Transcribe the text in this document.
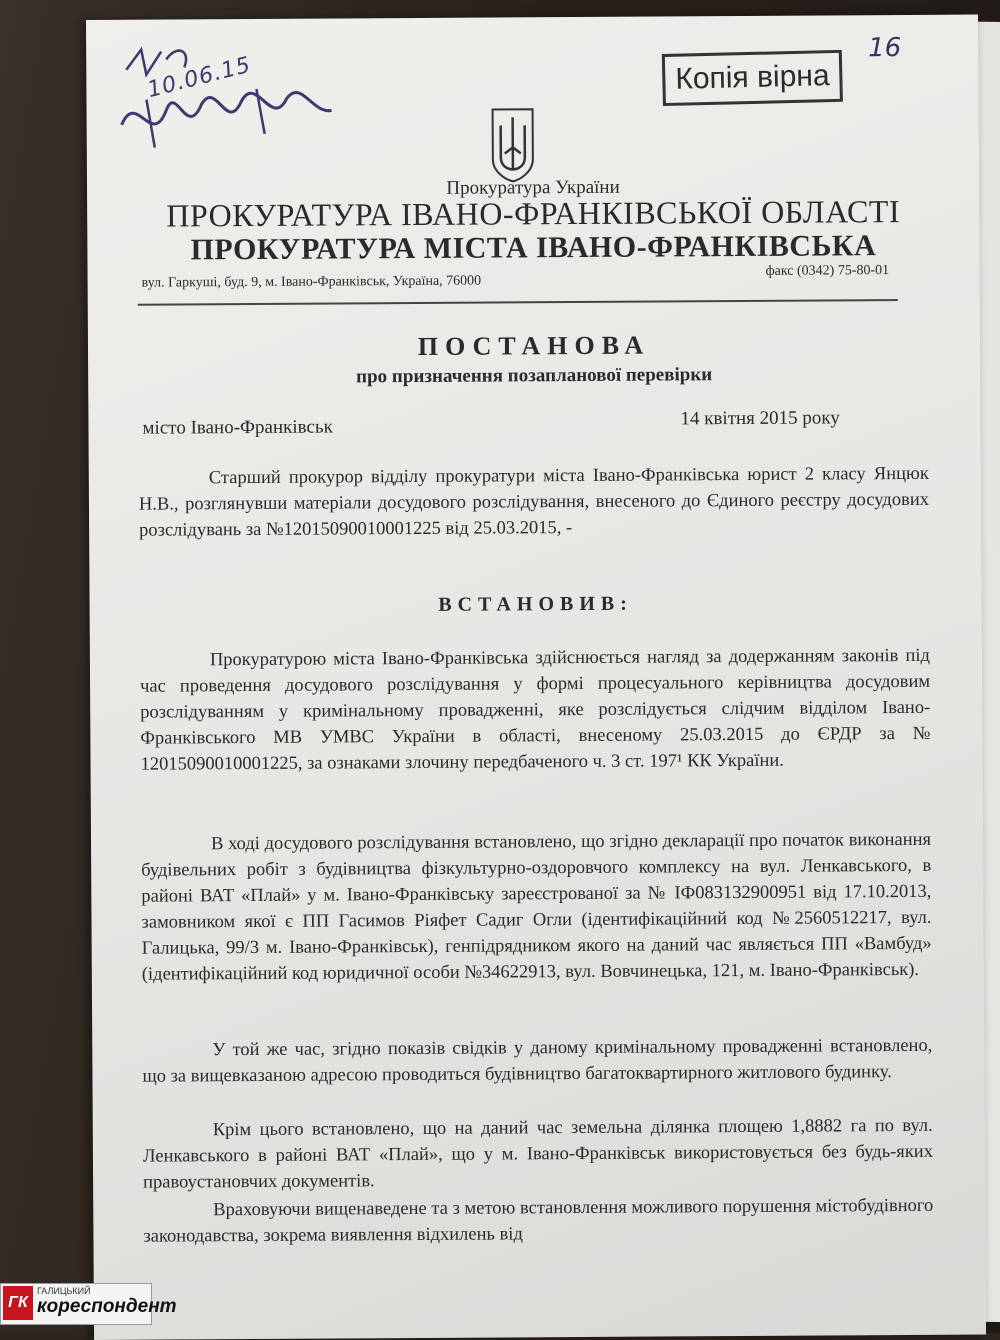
10.06.15	Копія вірна
16
Прокуратура України
ПРОКУРАТУРА ІВАНО-ФРАНКІВСЬКОЇ ОБЛАСТІ
ПРОКУРАТУРА МІСТА ІВАНО-ФРАНКІВСЬКА
вул. Гаркуші, буд. 9, м. Івано-Франківськ, Україна, 76000
факс (0342) 75-80-01
ПОСТАНОВА
про призначення позапланової перевірки
місто Івано-Франківськ	14 квітня 2015 року
Старший прокурор відділу прокуратури міста Івано-Франківська юрист 2 класу Янцюк Н.В., розглянувши матеріали досудового розслідування, внесеного до Єдиного реєстру досудових розслідувань за №12015090010001225 від 25.03.2015, -
ВСТАНОВИВ:
Прокуратурою міста Івано-Франківська здійснюється нагляд за додержанням законів під час проведення досудового розслідування у формі процесуального керівництва досудовим розслідуванням у кримінальному провадженні, яке розслідується слідчим відділом Івано-Франківського МВ УМВС України в області, внесеному 25.03.2015 до ЄРДР за № 12015090010001225, за ознаками злочину передбаченого ч. 3 ст. 197¹ КК України.
В ході досудового розслідування встановлено, що згідно декларації про початок виконання будівельних робіт з будівництва фізкультурно-оздоровчого комплексу на вул. Ленкавського, в районі ВАТ «Плай» у м. Івано-Франківську зареєстрованої за № ІФ083132900951 від 17.10.2013, замовником якої є ПП Гасимов Ріяфет Садиг Огли (ідентифікаційний код №2560512217, вул. Галицька, 99/3 м. Івано-Франківськ), генпідрядником якого на даний час являється ПП «Вамбуд» (ідентифікаційний код юридичної особи №34622913, вул. Вовчинецька, 121, м. Івано-Франківськ).
У той же час, згідно показів свідків у даному кримінальному провадженні встановлено, що за вищевказаною адресою проводиться будівництво багатоквартирного житлового будинку.
Крім цього встановлено, що на даний час земельна ділянка площею 1,8882 га по вул. Ленкавського в районі ВАТ «Плай», що у м. Івано-Франківськ використовується без будь-яких правоустановчих документів.
Враховуючи вищенаведене та з метою встановлення можливого порушення містобудівного законодавства, зокрема виявлення відхилень від
ГК
ГАЛИЦЬКИЙ
кореспондент
